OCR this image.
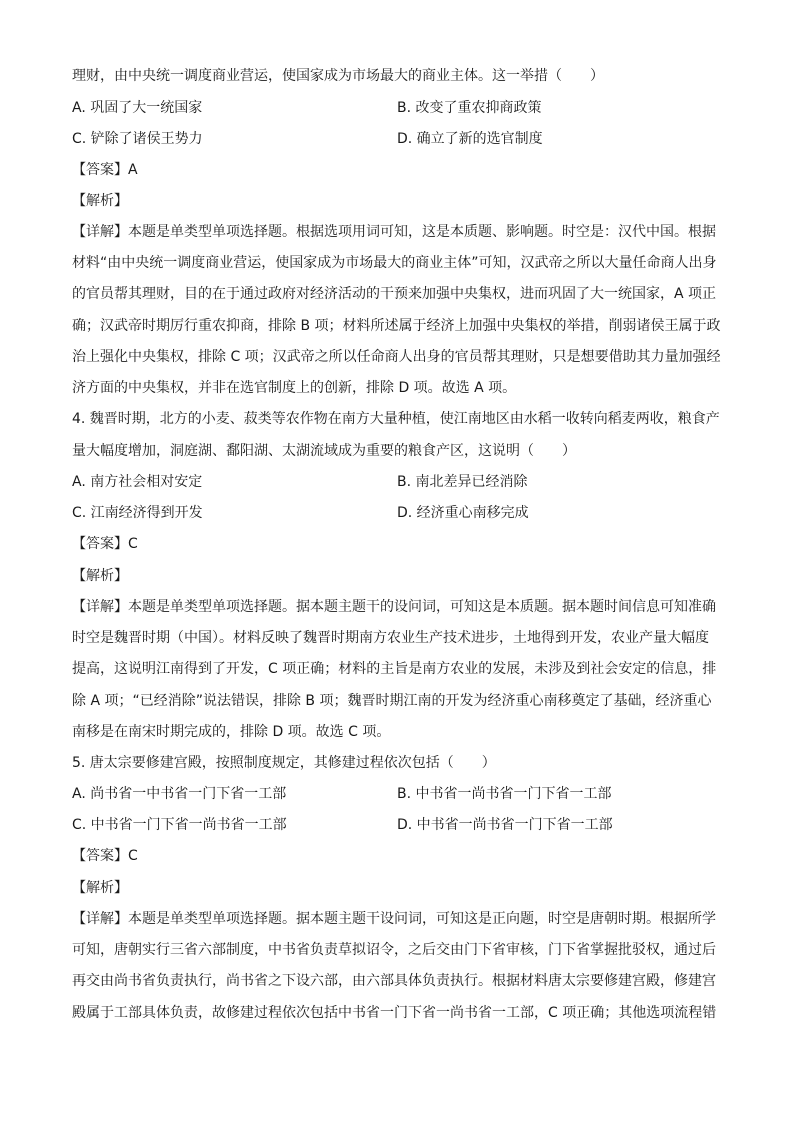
理财，由中央统一调度商业营运，使国家成为市场最大的商业主体。这一举措（　　）
A. 巩固了大一统国家	B. 改变了重农抑商政策
C. 铲除了诸侯王势力	D. 确立了新的选官制度
【答案】A
【解析】
【详解】本题是单类型单项选择题。根据选项用词可知，这是本质题、影响题。时空是：汉代中国。根据
材料“由中央统一调度商业营运，使国家成为市场最大的商业主体”可知，汉武帝之所以大量任命商人出身
的官员帮其理财，目的在于通过政府对经济活动的干预来加强中央集权，进而巩固了大一统国家，A 项正
确；汉武帝时期厉行重农抑商，排除 B 项；材料所述属于经济上加强中央集权的举措，削弱诸侯王属于政
治上强化中央集权，排除 C 项；汉武帝之所以任命商人出身的官员帮其理财，只是想要借助其力量加强经
济方面的中央集权，并非在选官制度上的创新，排除 D 项。故选 A 项。
4. 魏晋时期，北方的小麦、菽类等农作物在南方大量种植，使江南地区由水稻一收转向稻麦两收，粮食产
量大幅度增加，洞庭湖、鄱阳湖、太湖流域成为重要的粮食产区，这说明（　　）
A. 南方社会相对安定	B. 南北差异已经消除
C. 江南经济得到开发	D. 经济重心南移完成
【答案】C
【解析】
【详解】本题是单类型单项选择题。据本题主题干的设问词，可知这是本质题。据本题时间信息可知准确
时空是魏晋时期（中国）。材料反映了魏晋时期南方农业生产技术进步，土地得到开发，农业产量大幅度
提高，这说明江南得到了开发，C 项正确；材料的主旨是南方农业的发展，未涉及到社会安定的信息，排
除 A 项；“已经消除”说法错误，排除 B 项；魏晋时期江南的开发为经济重心南移奠定了基础，经济重心
南移是在南宋时期完成的，排除 D 项。故选 C 项。
5. 唐太宗要修建宫殿，按照制度规定，其修建过程依次包括（　　）
A. 尚书省一中书省一门下省一工部	B. 中书省一尚书省一门下省一工部
C. 中书省一门下省一尚书省一工部	D. 中书省一尚书省一门下省一工部
【答案】C
【解析】
【详解】本题是单类型单项选择题。据本题主题干设问词，可知这是正向题，时空是唐朝时期。根据所学
可知，唐朝实行三省六部制度，中书省负责草拟诏令，之后交由门下省审核，门下省掌握批驳权，通过后
再交由尚书省负责执行，尚书省之下设六部，由六部具体负责执行。根据材料唐太宗要修建宫殿，修建宫
殿属于工部具体负责，故修建过程依次包括中书省一门下省一尚书省一工部，C 项正确；其他选项流程错
